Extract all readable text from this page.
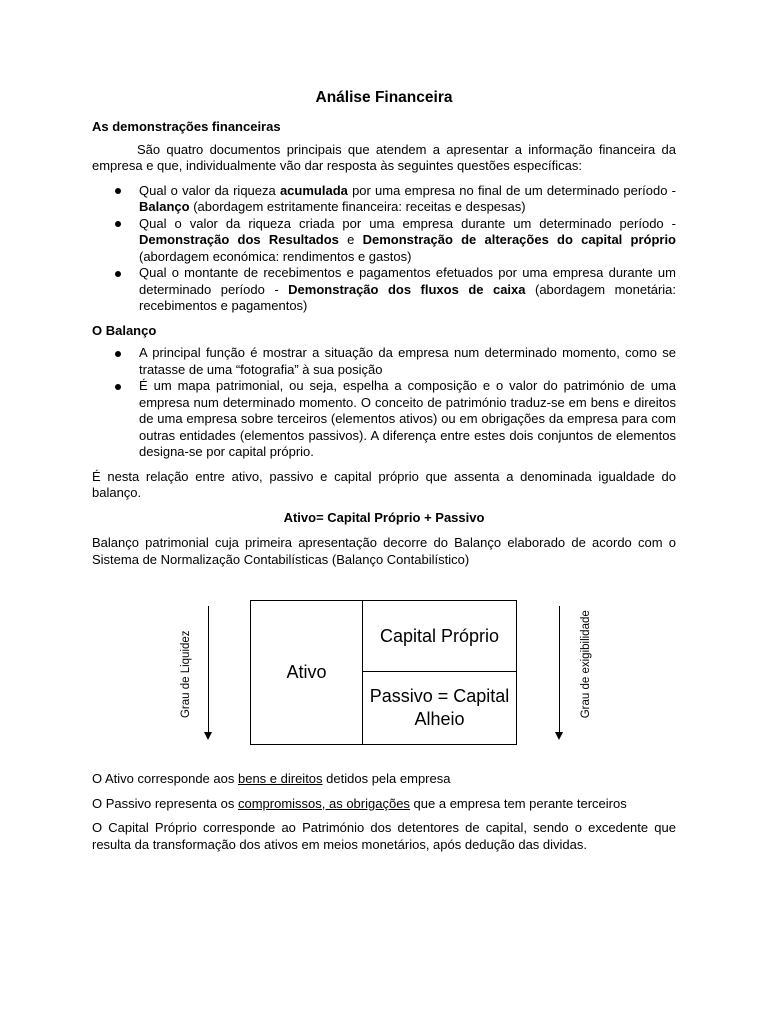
Análise Financeira
As demonstrações financeiras

São quatro documentos principais que atendem a apresentar a informação financeira da empresa e que, individualmente vão dar resposta às seguintes questões específicas:

Qual o valor da riqueza acumulada por uma empresa no final de um determinado período - Balanço (abordagem estritamente financeira: receitas e despesas)
Qual o valor da riqueza criada por uma empresa durante um determinado período - Demonstração dos Resultados e Demonstração de alterações do capital próprio (abordagem económica: rendimentos e gastos)
Qual o montante de recebimentos e pagamentos efetuados por uma empresa durante um determinado período - Demonstração dos fluxos de caixa (abordagem monetária: recebimentos e pagamentos)
O Balanço
A principal função é mostrar a situação da empresa num determinado momento, como se tratasse de uma “fotografia” à sua posição
É um mapa patrimonial, ou seja, espelha a composição e o valor do património de uma empresa num determinado momento. O conceito de património traduz-se em bens e direitos de uma empresa sobre terceiros (elementos ativos) ou em obrigações da empresa para com outras entidades (elementos passivos). A diferença entre estes dois conjuntos de elementos designa-se por capital próprio.

É nesta relação entre ativo, passivo e capital próprio que assenta a denominada igualdade do balanço.

Ativo= Capital Próprio + Passivo

Balanço patrimonial cuja primeira apresentação decorre do Balanço elaborado de acordo com o Sistema de Normalização Contabilísticas (Balanço Contabilístico)

Grau de Liquidez	Ativo
Capital Próprio
Passivo = Capital
Alheio
Grau de exigibilidade

O Ativo corresponde aos bens e direitos detidos pela empresa

O Passivo representa os compromissos, as obrigações que a empresa tem perante terceiros

O Capital Próprio corresponde ao Património dos detentores de capital, sendo o excedente que resulta da transformação dos ativos em meios monetários, após dedução das dividas.
